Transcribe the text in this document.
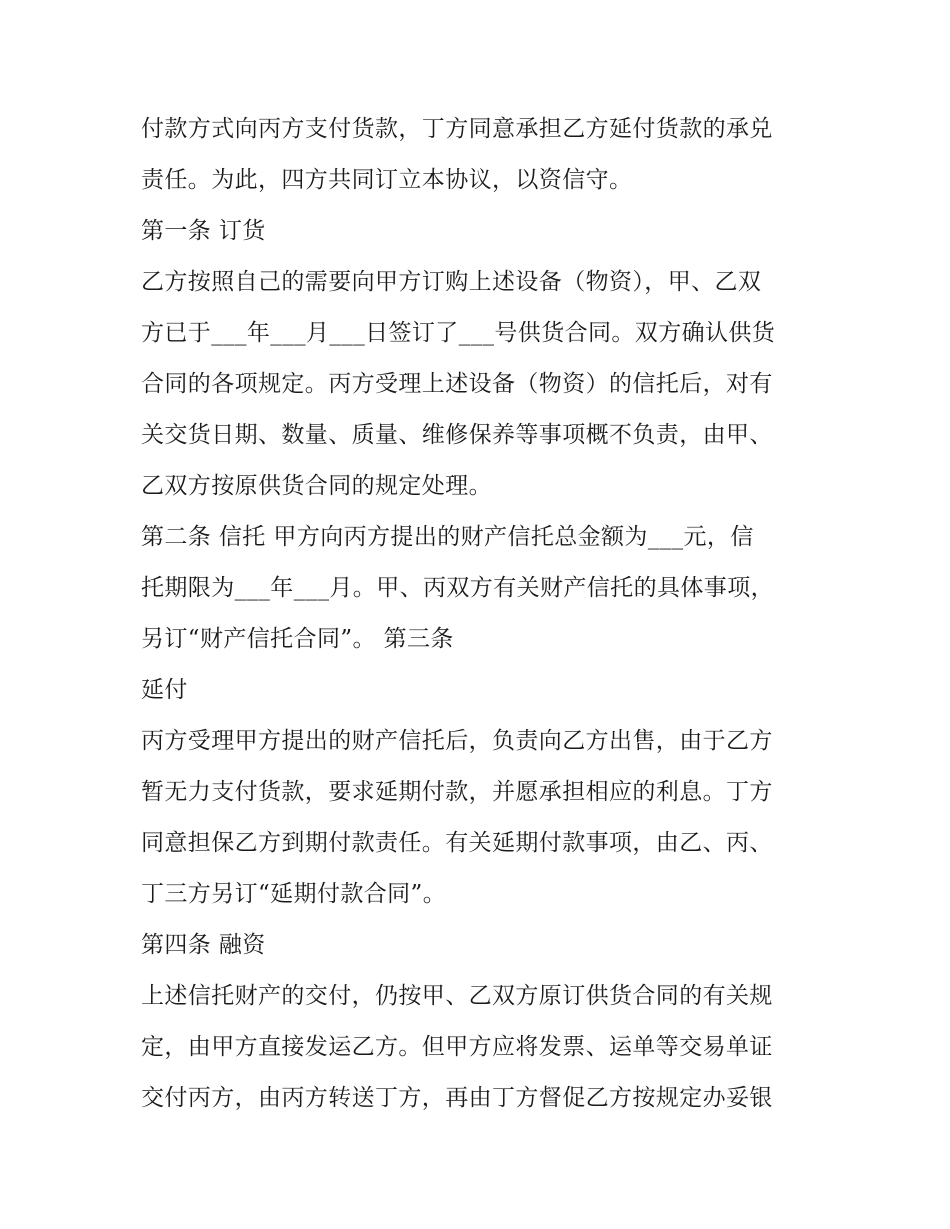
付款方式向丙方支付货款，丁方同意承担乙方延付货款的承兑
责任。为此，四方共同订立本协议，以资信守。
第一条 订货
乙方按照自己的需要向甲方订购上述设备（物资），甲、乙双
方已于___年___月___日签订了___号供货合同。双方确认供货
合同的各项规定。丙方受理上述设备（物资）的信托后，对有
关交货日期、数量、质量、维修保养等事项概不负责，由甲、
乙双方按原供货合同的规定处理。
第二条 信托 甲方向丙方提出的财产信托总金额为___元，信
托期限为___年___月。甲、丙双方有关财产信托的具体事项，
另订“财产信托合同”。 第三条
延付
丙方受理甲方提出的财产信托后，负责向乙方出售，由于乙方
暂无力支付货款，要求延期付款，并愿承担相应的利息。丁方
同意担保乙方到期付款责任。有关延期付款事项，由乙、丙、
丁三方另订“延期付款合同”。
第四条 融资
上述信托财产的交付，仍按甲、乙双方原订供货合同的有关规
定，由甲方直接发运乙方。但甲方应将发票、运单等交易单证
交付丙方，由丙方转送丁方，再由丁方督促乙方按规定办妥银
